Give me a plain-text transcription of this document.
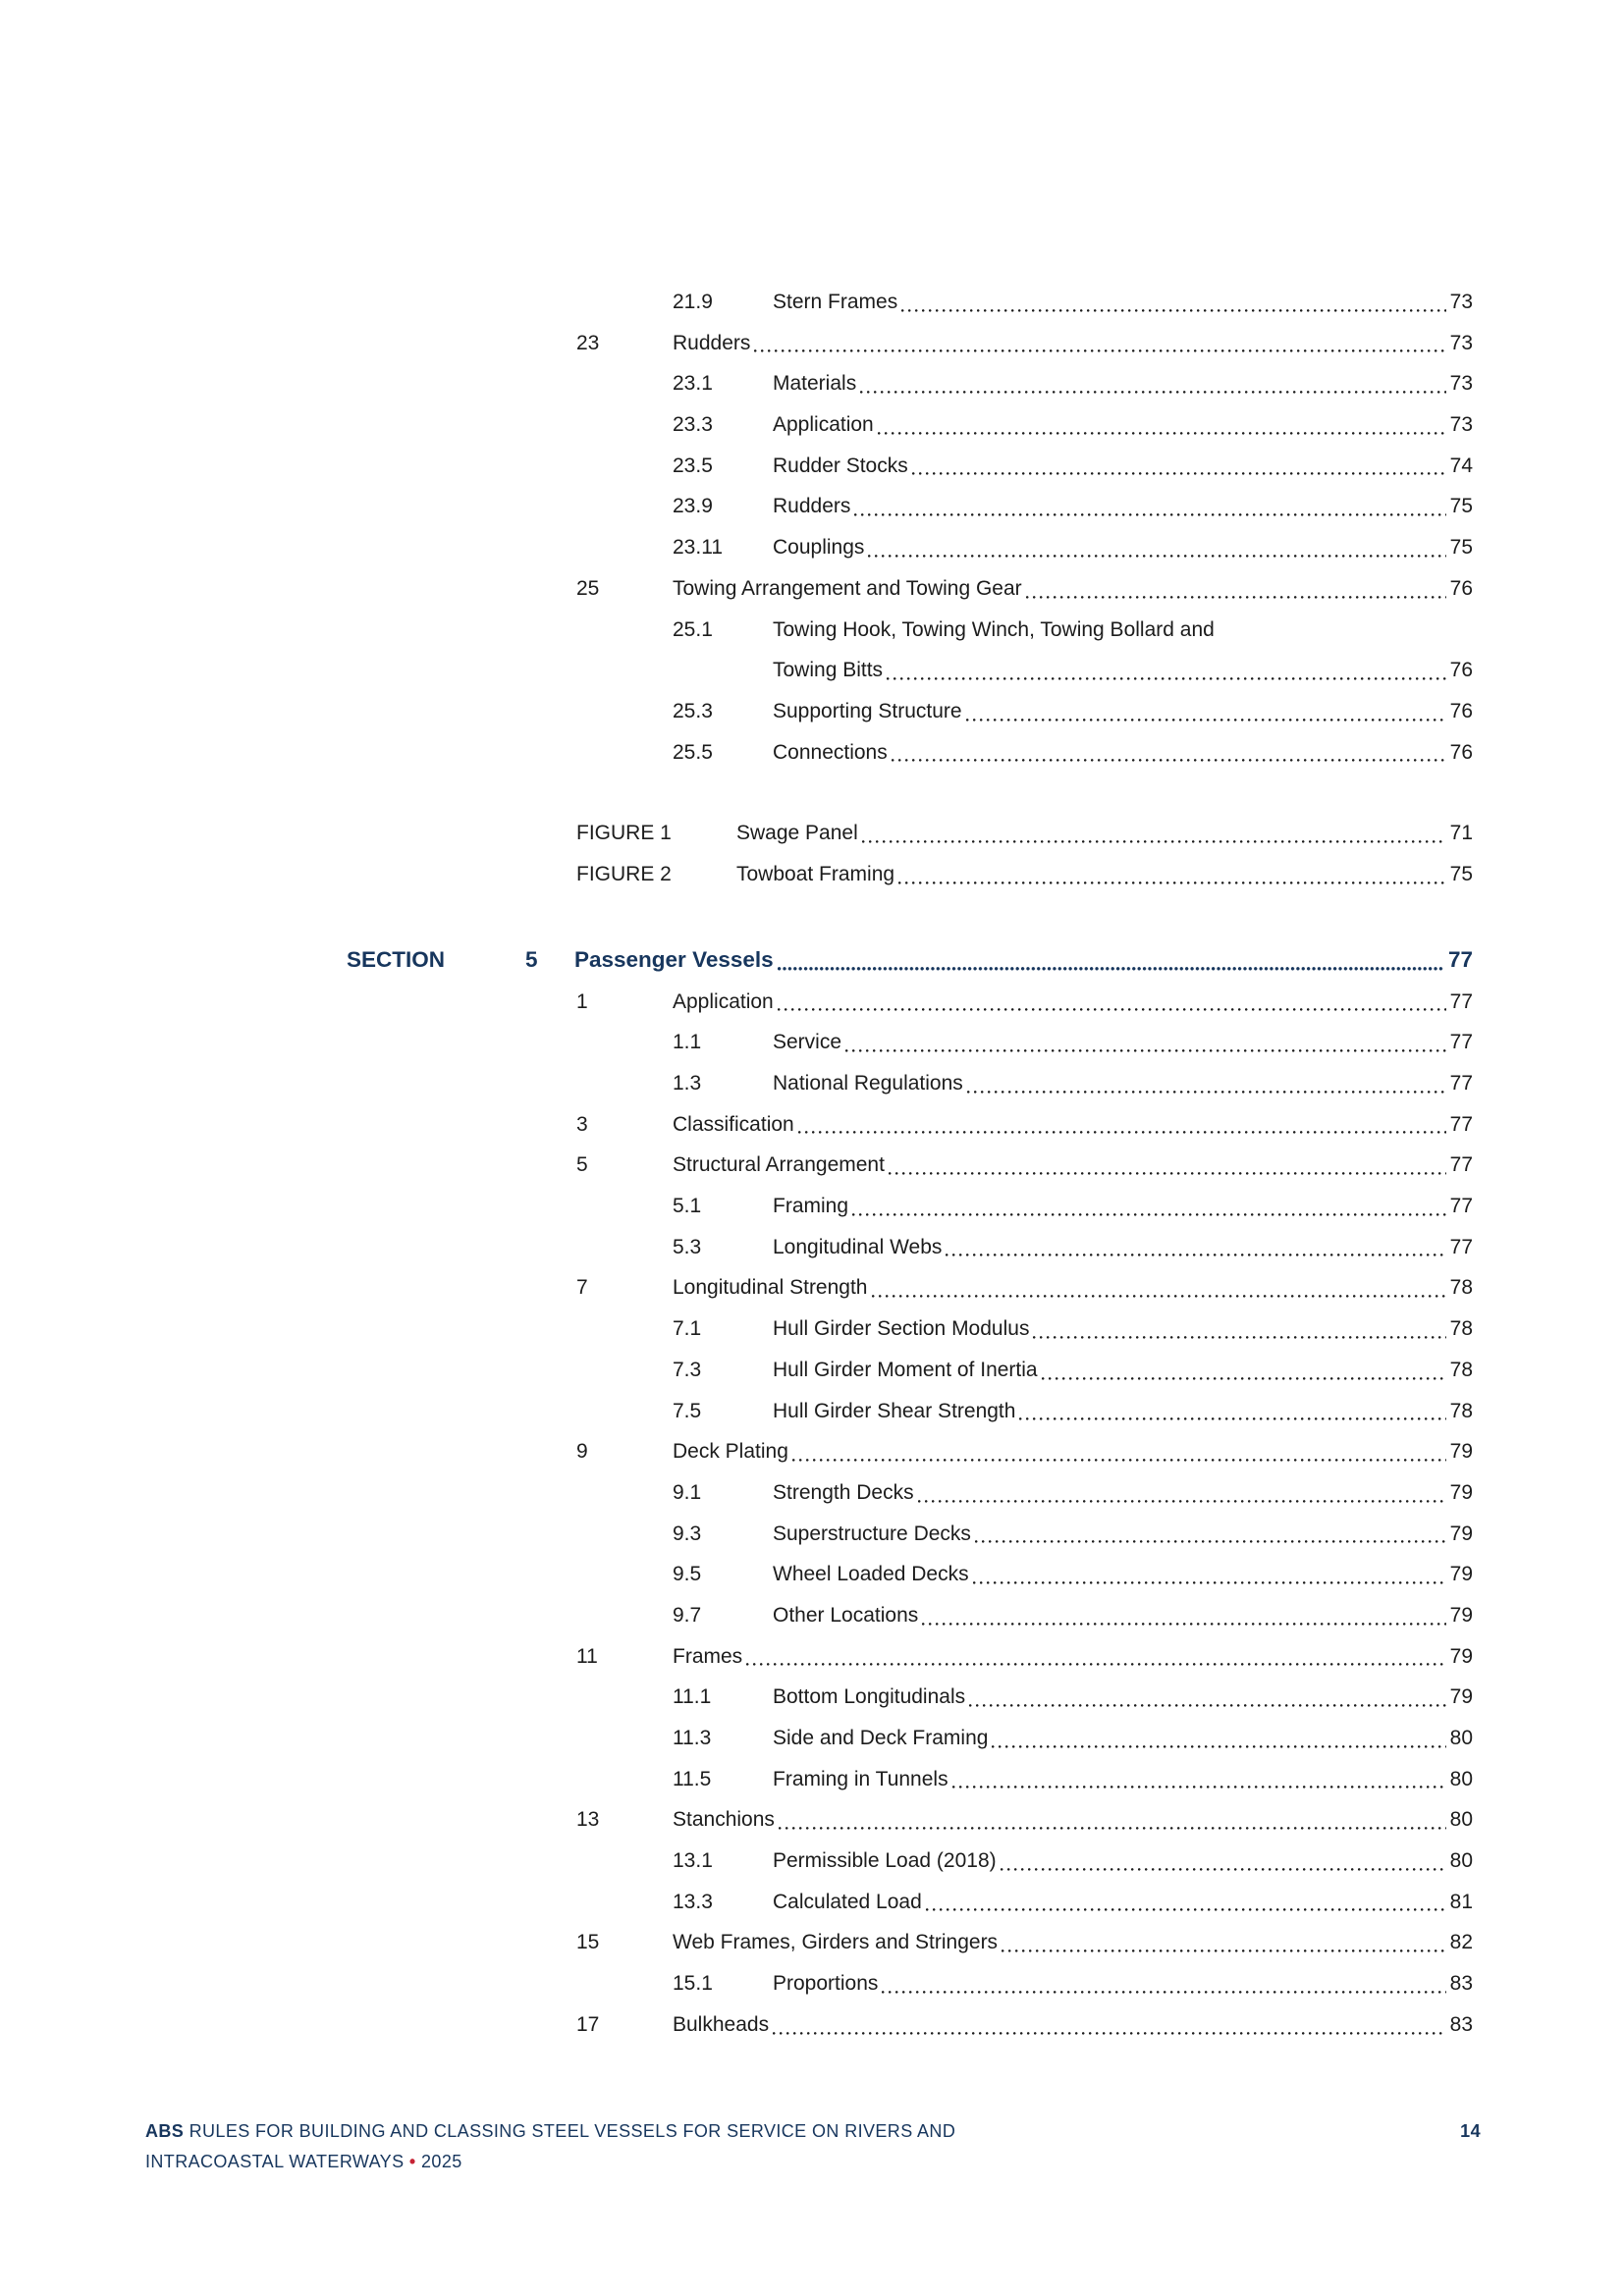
21.9	Stern Frames	73
23	Rudders	73
23.1	Materials	73
23.3	Application	73
23.5	Rudder Stocks	74
23.9	Rudders	75
23.11	Couplings	75
25	Towing Arrangement and Towing Gear	76
25.1	Towing Hook, Towing Winch, Towing Bollard and
Towing Bitts	76
25.3	Supporting Structure	76
25.5	Connections	76
FIGURE 1	Swage Panel	71
FIGURE 2	Towboat Framing	75
SECTION	5	Passenger Vessels	77
1	Application	77
1.1	Service	77
1.3	National Regulations	77
3	Classification	77
5	Structural Arrangement	77
5.1	Framing	77
5.3	Longitudinal Webs	77
7	Longitudinal Strength	78
7.1	Hull Girder Section Modulus	78
7.3	Hull Girder Moment of Inertia	78
7.5	Hull Girder Shear Strength	78
9	Deck Plating	79
9.1	Strength Decks	79
9.3	Superstructure Decks	79
9.5	Wheel Loaded Decks	79
9.7	Other Locations	79
11	Frames	79
11.1	Bottom Longitudinals	79
11.3	Side and Deck Framing	80
11.5	Framing in Tunnels	80
13	Stanchions	80
13.1	Permissible Load (2018)	80
13.3	Calculated Load	81
15	Web Frames, Girders and Stringers	82
15.1	Proportions	83
17	Bulkheads	83
ABS RULES FOR BUILDING AND CLASSING STEEL VESSELS FOR SERVICE ON RIVERS AND
INTRACOASTAL WATERWAYS • 2025
14
